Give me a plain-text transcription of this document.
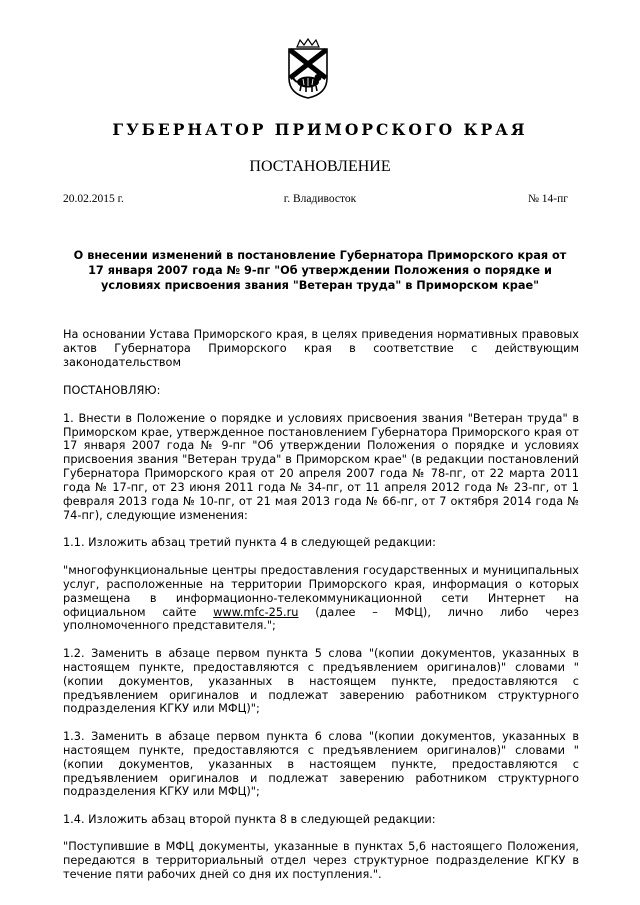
ГУБЕРНАТОР ПРИМОРСКОГО КРАЯ
ПОСТАНОВЛЕНИЕ
20.02.2015 г.	г. Владивосток	№ 14-пг
О внесении изменений в постановление Губернатора Приморского края от 17 января 2007 года № 9-пг "Об утверждении Положения о порядке и условиях присвоения звания "Ветеран труда" в Приморском крае"

На основании Устава Приморского края, в целях приведения нормативных правовых актов Губернатора Приморского края в соответствие с действующим законодательством

ПОСТАНОВЛЯЮ:

1. Внести в Положение о порядке и условиях присвоения звания "Ветеран труда" в Приморском крае, утвержденное постановлением Губернатора Приморского края от 17 января 2007 года № 9-пг "Об утверждении Положения о порядке и условиях присвоения звания "Ветеран труда" в Приморском крае" (в редакции постановлений Губернатора Приморского края от 20 апреля 2007 года № 78-пг, от 22 марта 2011 года № 17-пг, от 23 июня 2011 года № 34-пг, от 11 апреля 2012 года № 23-пг, от 1 февраля 2013 года № 10-пг, от 21 мая 2013 года № 66-пг, от 7 октября 2014 года № 74-пг), следующие изменения:

1.1. Изложить абзац третий пункта 4 в следующей редакции:

"многофункциональные центры предоставления государственных и муниципальных услуг, расположенные на территории Приморского края, информация о которых размещена в информационно-телекоммуникационной сети Интернет на официальном сайте www.mfc-25.ru (далее – МФЦ), лично либо через уполномоченного представителя.";

1.2. Заменить в абзаце первом пункта 5 слова "(копии документов, указанных в настоящем пункте, предоставляются с предъявлением оригиналов)" словами "(копии документов, указанных в настоящем пункте, предоставляются с предъявлением оригиналов и подлежат заверению работником структурного подразделения КГКУ или МФЦ)";

1.3. Заменить в абзаце первом пункта 6 слова "(копии документов, указанных в настоящем пункте, предоставляются с предъявлением оригиналов)" словами "(копии документов, указанных в настоящем пункте, предоставляются с предъявлением оригиналов и подлежат заверению работником структурного подразделения КГКУ или МФЦ)";

1.4. Изложить абзац второй пункта 8 в следующей редакции:

"Поступившие в МФЦ документы, указанные в пунктах 5,6 настоящего Положения, передаются в территориальный отдел через структурное подразделение КГКУ в течение пяти рабочих дней со дня их поступления.".
